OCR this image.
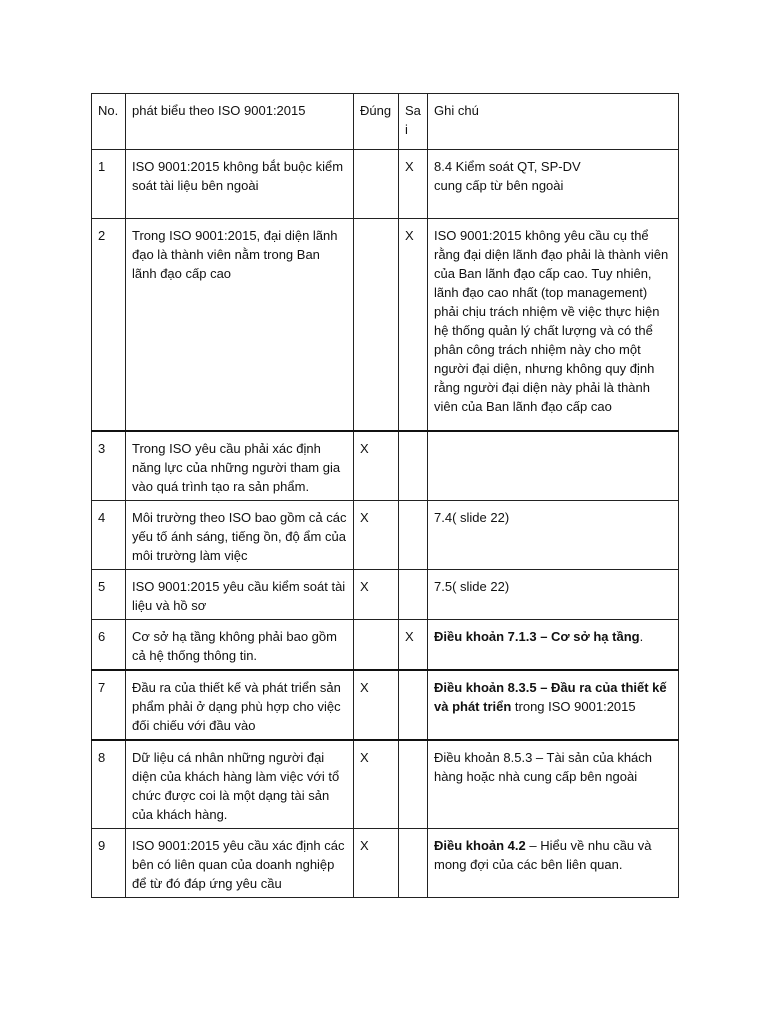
No.	phát biểu theo ISO 9001:2015	Đúng	Sai	Ghi chú
1	ISO 9001:2015 không bắt buộc kiểm soát tài liệu bên ngoài		X	8.4 Kiểm soát QT, SP-DV
cung cấp từ bên ngoài

2	Trong ISO 9001:2015, đại diện lãnh đạo là thành viên nằm trong Ban lãnh đạo cấp cao		X	ISO 9001:2015 không yêu cầu cụ thể rằng đại diện lãnh đạo phải là thành viên của Ban lãnh đạo cấp cao. Tuy nhiên, lãnh đạo cao nhất (top management) phải chịu trách nhiệm về việc thực hiện hệ thống quản lý chất lượng và có thể phân công trách nhiệm này cho một người đại diện, nhưng không quy định rằng người đại diện này phải là thành viên của Ban lãnh đạo cấp cao
3	Trong ISO yêu cầu phải xác định năng lực của những người tham gia vào quá trình tạo ra sản phẩm.	X		
4	Môi trường theo ISO bao gồm cả các yếu tố ánh sáng, tiếng ồn, độ ẩm của môi trường làm việc	X		7.4( slide 22)
5	ISO 9001:2015 yêu cầu kiểm soát tài liệu và hồ sơ	X		7.5( slide 22)
6	Cơ sở hạ tầng không phải bao gồm cả hệ thống thông tin.		X	Điều khoản 7.1.3 – Cơ sở hạ tầng.
7	Đầu ra của thiết kế và phát triển sản phẩm phải ở dạng phù hợp cho việc đối chiếu với đầu vào	X		Điều khoản 8.3.5 – Đầu ra của thiết kế và phát triển trong ISO 9001:2015
8	Dữ liệu cá nhân những người đại diện của khách hàng làm việc với tổ chức được coi là một dạng tài sản của khách hàng.	X		Điều khoản 8.5.3 – Tài sản của khách hàng hoặc nhà cung cấp bên ngoài
9	ISO 9001:2015 yêu cầu xác định các bên có liên quan của doanh nghiệp để từ đó đáp ứng yêu cầu	X		Điều khoản 4.2 – Hiểu về nhu cầu và mong đợi của các bên liên quan.
